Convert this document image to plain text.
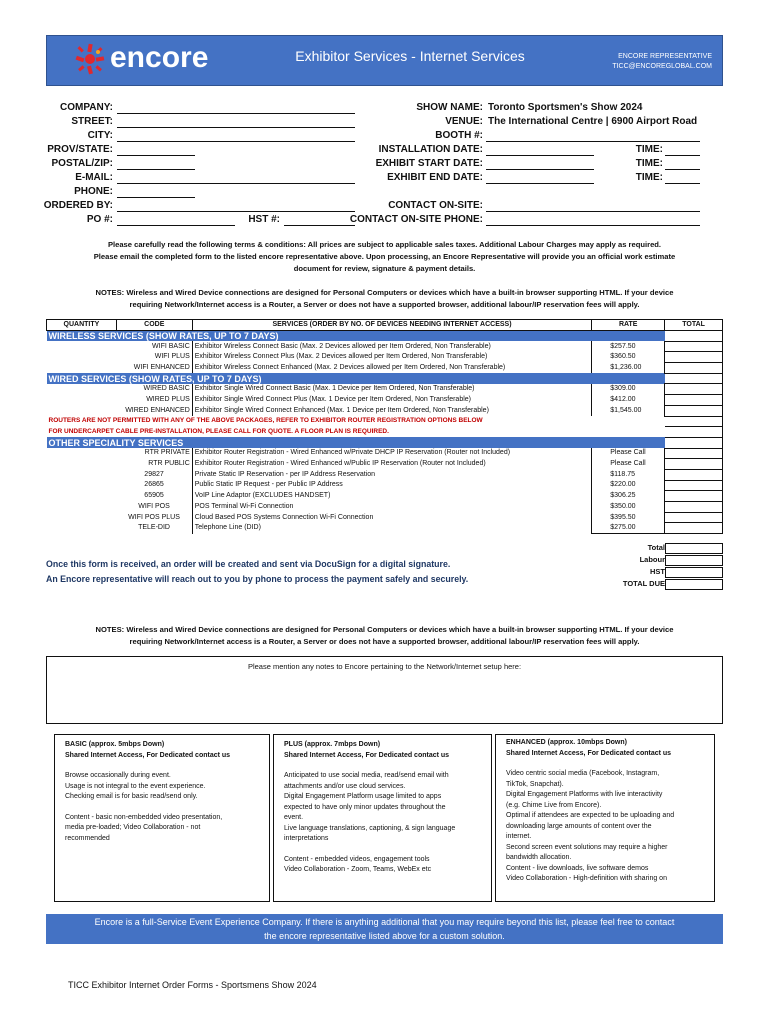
encore	Exhibitor Services - Internet Services	ENCORE REPRESENTATIVE
TICC@ENCOREGLOBAL.COM
COMPANY:
STREET:
CITY:
PROV/STATE:
POSTAL/ZIP:
E-MAIL:
PHONE:
ORDERED BY:
PO #:	HST #:
SHOW NAME: Toronto Sportsmen's Show 2024
VENUE: The International Centre | 6900 Airport Road
BOOTH #:
INSTALLATION DATE:	TIME:
EXHIBIT START DATE:	TIME:
EXHIBIT END DATE:	TIME:
CONTACT ON-SITE:
CONTACT ON-SITE PHONE:
Please carefully read the following terms & conditions: All prices are subject to applicable sales taxes. Additional Labour Charges may apply as required.
Please email the completed form to the listed encore representative above. Upon processing, an Encore Representative will provide you an official work estimate
document for review, signature & payment details.
NOTES: Wireless and Wired Device connections are designed for Personal Computers or devices which have a built-in browser supporting HTML. If your device
requiring Network/Internet access is a Router, a Server or does not have a supported browser, additional labour/IP reservation fees will apply.
QUANTITY	CODE	SERVICES (ORDER BY NO. OF DEVICES NEEDING INTERNET ACCESS)	RATE	TOTAL
WIRELESS SERVICES (SHOW RATES, UP TO 7 DAYS)				
	WIFI BASIC	Exhibitor Wireless Connect Basic (Max. 2 Devices allowed per Item Ordered, Non Transferable)	$257.50	
	WIFI PLUS	Exhibitor Wireless Connect Plus (Max. 2 Devices allowed per Item Ordered, Non Transferable)	$360.50	
	WIFI ENHANCED	Exhibitor Wireless Connect Enhanced (Max. 2 Devices allowed per Item Ordered, Non Transferable)	$1,236.00	
WIRED SERVICES (SHOW RATES, UP TO 7 DAYS)				
	WIRED BASIC	Exhibitor Single Wired Connect Basic (Max. 1 Device per Item Ordered, Non Transferable)	$309.00	
	WIRED PLUS	Exhibitor Single Wired Connect Plus (Max. 1 Device per Item Ordered, Non Transferable)	$412.00	
	WIRED ENHANCED	Exhibitor Single Wired Connect Enhanced (Max. 1 Device per Item Ordered, Non Transferable)	$1,545.00	
ROUTERS ARE NOT PERMITTED WITH ANY OF THE ABOVE PACKAGES, REFER TO EXHIBITOR ROUTER REGISTRATION OPTIONS BELOW				
FOR UNDERCARPET CABLE PRE-INSTALLATION, PLEASE CALL FOR QUOTE. A FLOOR PLAN IS REQUIRED.				
OTHER SPECIALITY SERVICES				
	RTR PRIVATE	Exhibitor Router Registration - Wired Enhanced w/Private DHCP IP Reservation (Router not Included)	Please Call	
	RTR PUBLIC	Exhibitor Router Registration - Wired Enhanced w/Public IP Reservation (Router not Included)	Please Call	
	29827	Private Static IP Reservation - per IP Address Reservation	$118.75	
	26865	Public Static IP Request - per Public IP Address	$220.00	
	65905	VoIP Line Adaptor (EXCLUDES HANDSET)	$306.25	
	WIFI POS	POS Terminal Wi-Fi Connection	$350.00	
	WIFI POS PLUS	Cloud Based POS Systems Connection Wi-Fi Connection	$395.50	
	TELE-DID	Telephone Line (DID)	$275.00	
Total
Labour
HST
TOTAL DUE
Once this form is received, an order will be created and sent via DocuSign for a digital signature.
An Encore representative will reach out to you by phone to process the payment safely and securely.
NOTES: Wireless and Wired Device connections are designed for Personal Computers or devices which have a built-in browser supporting HTML. If your device
requiring Network/Internet access is a Router, a Server or does not have a supported browser, additional labour/IP reservation fees will apply.
Please mention any notes to Encore pertaining to the Network/Internet setup here:
BASIC (approx. 5mbps Down)
Shared Internet Access, For Dedicated contact us

Browse occasionally during event.

Usage is not integral to the event experience.

Checking email is for basic read/send only.

Content - basic non-embedded video presentation,

media pre-loaded; Video Collaboration - not

recommended

PLUS (approx. 7mbps Down)
Shared Internet Access, For Dedicated contact us

Anticipated to use social media, read/send email with

attachments and/or use cloud services.

Digital Engagement Platform usage limited to apps

expected to have only minor updates throughout the

event.

Live language translations, captioning, & sign language

interpretations

Content - embedded videos, engagement tools

Video Collaboration - Zoom, Teams, WebEx etc

ENHANCED (approx. 10mbps Down)
Shared Internet Access, For Dedicated contact us

Video centric social media (Facebook, Instagram,

TikTok, Snapchat).

Digital Engagement Platforms with live interactivity

(e.g. Chime Live from Encore).

Optimal if attendees are expected to be uploading and

downloading large amounts of content over the

internet.

Second screen event solutions may require a higher

bandwidth allocation.

Content - live downloads, live software demos

Video Collaboration - High-definition with sharing on

Encore is a full-Service Event Experience Company. If there is anything additional that you may require beyond this list, please feel free to contact
the encore representative listed above for a custom solution.
TICC Exhibitor Internet Order Forms - Sportsmens Show 2024
